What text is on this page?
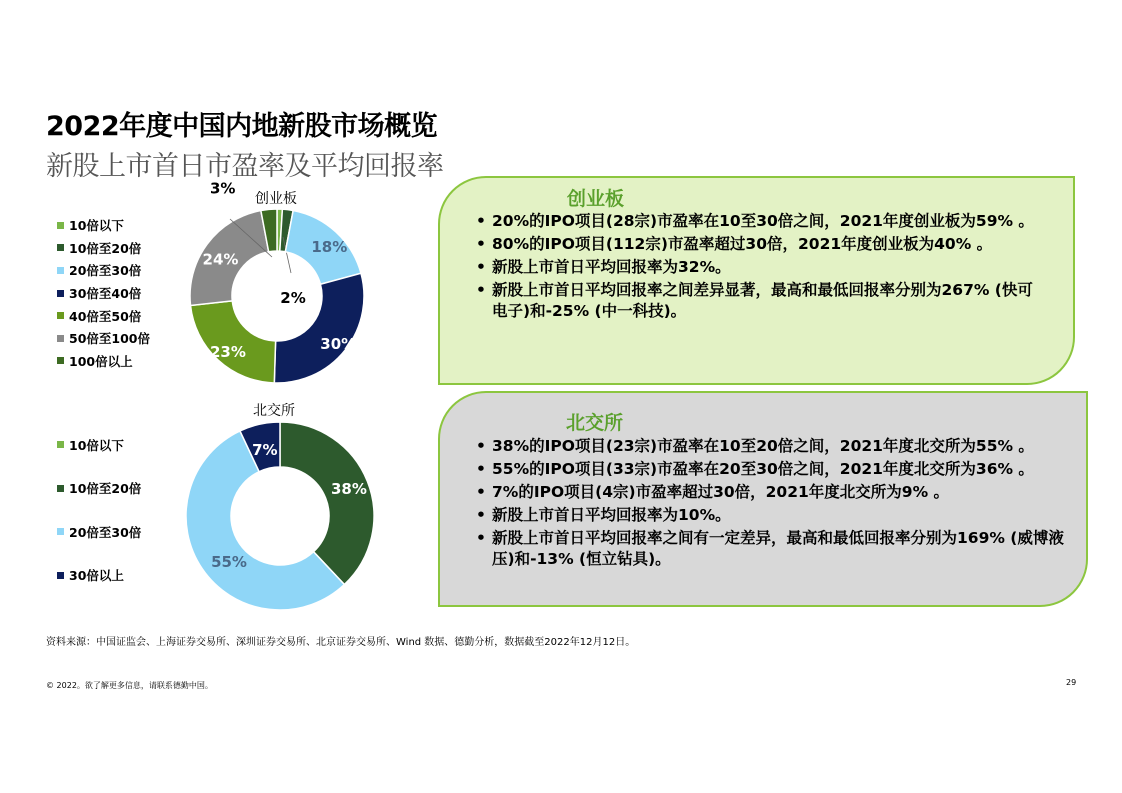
2022年度中国内地新股市场概览
新股上市首日市盈率及平均回报率
创业板
10倍以下
10倍至20倍
20倍至30倍
30倍至40倍
40倍至50倍
50倍至100倍
100倍以上
2%
18%
30%
23%
24%
3%
北交所
10倍以下
10倍至20倍
20倍至30倍
30倍以上
38%
55%
7%
创业板
• 20%的IPO项目(28宗)市盈率在10至30倍之间，2021年度创业板为59% 。
• 80%的IPO项目(112宗)市盈率超过30倍，2021年度创业板为40% 。
• 新股上市首日平均回报率为32%。
• 新股上市首日平均回报率之间差异显著，最高和最低回报率分别为267% (快可电子)和-25% (中一科技)。
北交所
• 38%的IPO项目(23宗)市盈率在10至20倍之间，2021年度北交所为55% 。
• 55%的IPO项目(33宗)市盈率在20至30倍之间，2021年度北交所为36% 。
• 7%的IPO项目(4宗)市盈率超过30倍，2021年度北交所为9% 。
• 新股上市首日平均回报率为10%。
• 新股上市首日平均回报率之间有一定差异，最高和最低回报率分别为169% (威博液压)和-13% (恒立钻具)。
资料来源：中国证监会、上海证券交易所、深圳证券交易所、北京证券交易所、Wind 数据、德勤分析，数据截至2022年12月12日。
© 2022。欲了解更多信息，请联系德勤中国。	29
